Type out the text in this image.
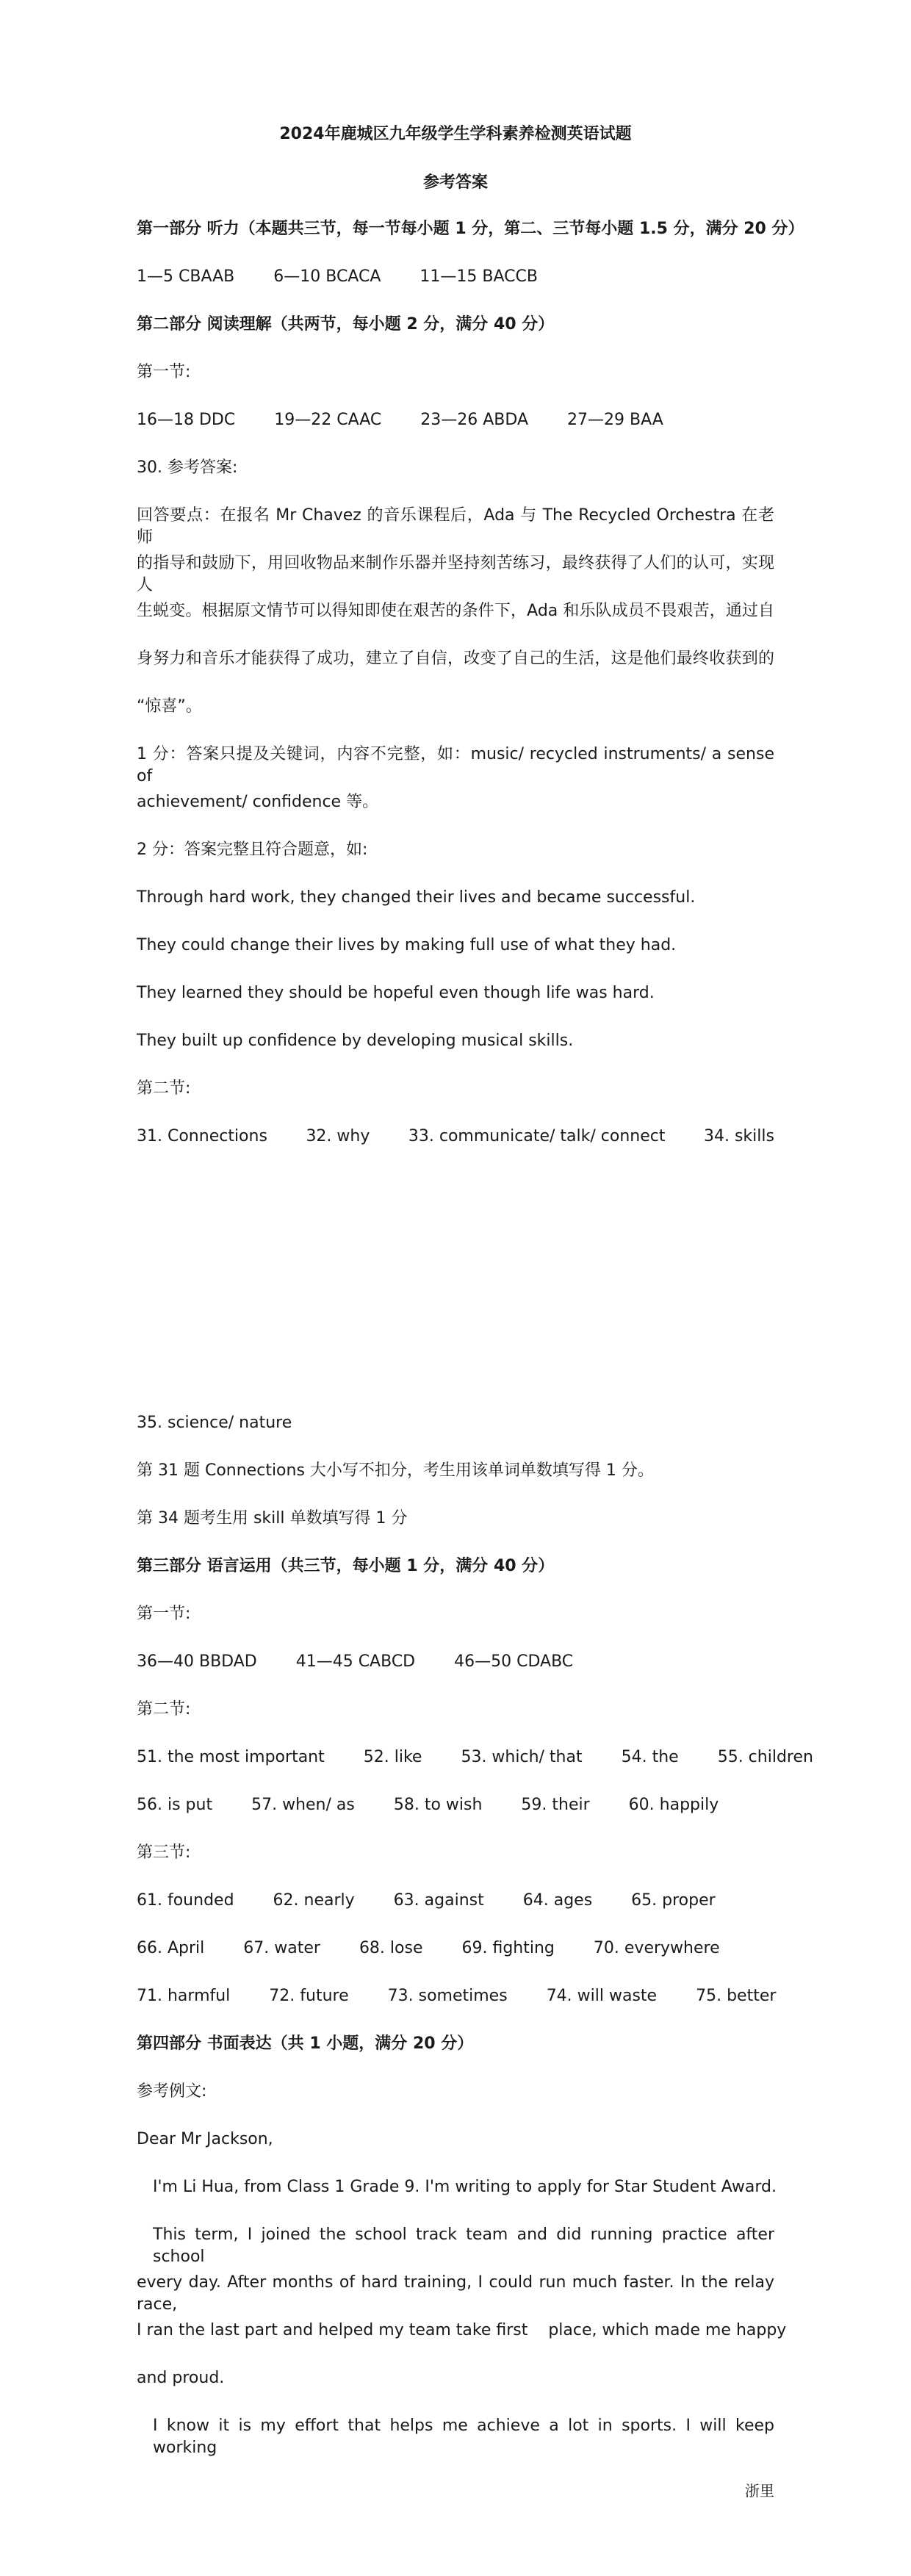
2024年鹿城区九年级学生学科素养检测英语试题
参考答案
第一部分 听力（本题共三节，每一节每小题 1 分，第二、三节每小题 1.5 分，满分 20 分）
1—5 CBAAB 6—10 BCACA 11—15 BACCB
第二部分 阅读理解（共两节，每小题 2 分，满分 40 分）
第一节:
16—18 DDC 19—22 CAAC 23—26 ABDA 27—29 BAA
30. 参考答案:
回答要点：在报名 Mr Chavez 的音乐课程后，Ada 与 The Recycled Orchestra 在老师
的指导和鼓励下，用回收物品来制作乐器并坚持刻苦练习，最终获得了人们的认可，实现人
生蜕变。根据原文情节可以得知即使在艰苦的条件下，Ada 和乐队成员不畏艰苦，通过自
身努力和音乐才能获得了成功，建立了自信，改变了自己的生活，这是他们最终收获到的
“惊喜”。
1 分：答案只提及关键词，内容不完整，如：music/ recycled instruments/ a sense of
achievement/ confidence 等。
2 分：答案完整且符合题意，如:
Through hard work, they changed their lives and became successful.
They could change their lives by making full use of what they had.
They learned they should be hopeful even though life was hard.
They built up confidence by developing musical skills.
第二节:
31. Connections 32. why 33. communicate/ talk/ connect 34. skills
35. science/ nature
第 31 题 Connections 大小写不扣分，考生用该单词单数填写得 1 分。
第 34 题考生用 skill 单数填写得 1 分
第三部分 语言运用（共三节，每小题 1 分，满分 40 分）
第一节:
36—40 BBDAD 41—45 CABCD 46—50 CDABC
第二节:
51. the most important 52. like 53. which/ that 54. the 55. children
56. is put 57. when/ as 58. to wish 59. their 60. happily
第三节:
61. founded 62. nearly 63. against 64. ages 65. proper
66. April 67. water 68. lose 69. fighting 70. everywhere
71. harmful 72. future 73. sometimes 74. will waste 75. better
第四部分 书面表达（共 1 小题，满分 20 分）
参考例文:
Dear Mr Jackson,
I'm Li Hua, from Class 1 Grade 9. I'm writing to apply for Star Student Award.
This term, I joined the school track team and did running practice after school
every day. After months of hard training, I could run much faster. In the relay race,
I ran the last part and helped my team take first    place, which made me happy
and proud.
I know it is my effort that helps me achieve a lot in sports. I will keep working
浙里
